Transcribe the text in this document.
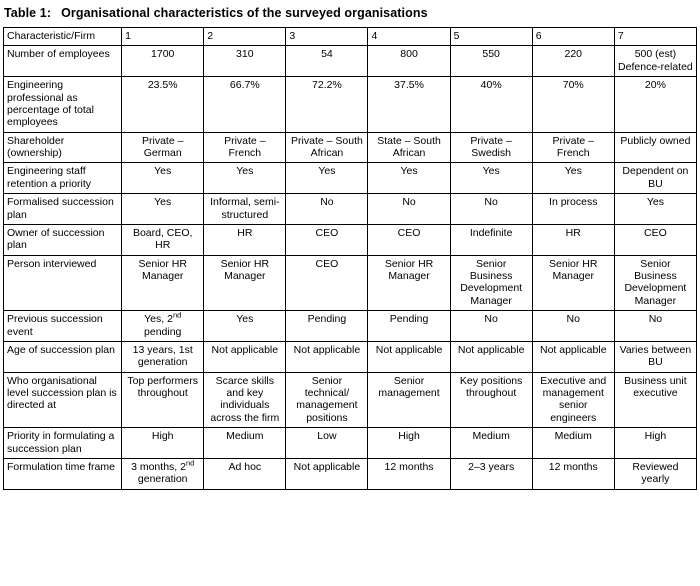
Table 1: Organisational characteristics of the surveyed organisations
Characteristic/Firm	1	2	3	4	5	6	7
Number of employees	1700	310	54	800	550	220	500 (est) Defence-related
Engineering professional as percentage of total employees	23.5%	66.7%	72.2%	37.5%	40%	70%	20%
Shareholder (ownership)	Private – German	Private – French	Private – South African	State – South African	Private – Swedish	Private – French	Publicly owned
Engineering staff retention a priority	Yes	Yes	Yes	Yes	Yes	Yes	Dependent on BU
Formalised succession plan	Yes	Informal, semi-structured	No	No	No	In process	Yes
Owner of succession plan	Board, CEO, HR	HR	CEO	CEO	Indefinite	HR	CEO
Person interviewed	Senior HR Manager	Senior HR Manager	CEO	Senior HR Manager	Senior Business Development Manager	Senior HR Manager	Senior Business Development Manager
Previous succession event	Yes, 2nd pending	Yes	Pending	Pending	No	No	No
Age of succession plan	13 years, 1st generation	Not applicable	Not applicable	Not applicable	Not applicable	Not applicable	Varies between BU
Who organisational level succession plan is directed at	Top performers throughout	Scarce skills and key individuals across the firm	Senior technical/ management positions	Senior management	Key positions throughout	Executive and management senior engineers	Business unit executive
Priority in formulating a succession plan	High	Medium	Low	High	Medium	Medium	High
Formulation time frame	3 months, 2nd generation	Ad hoc	Not applicable	12 months	2–3 years	12 months	Reviewed yearly
